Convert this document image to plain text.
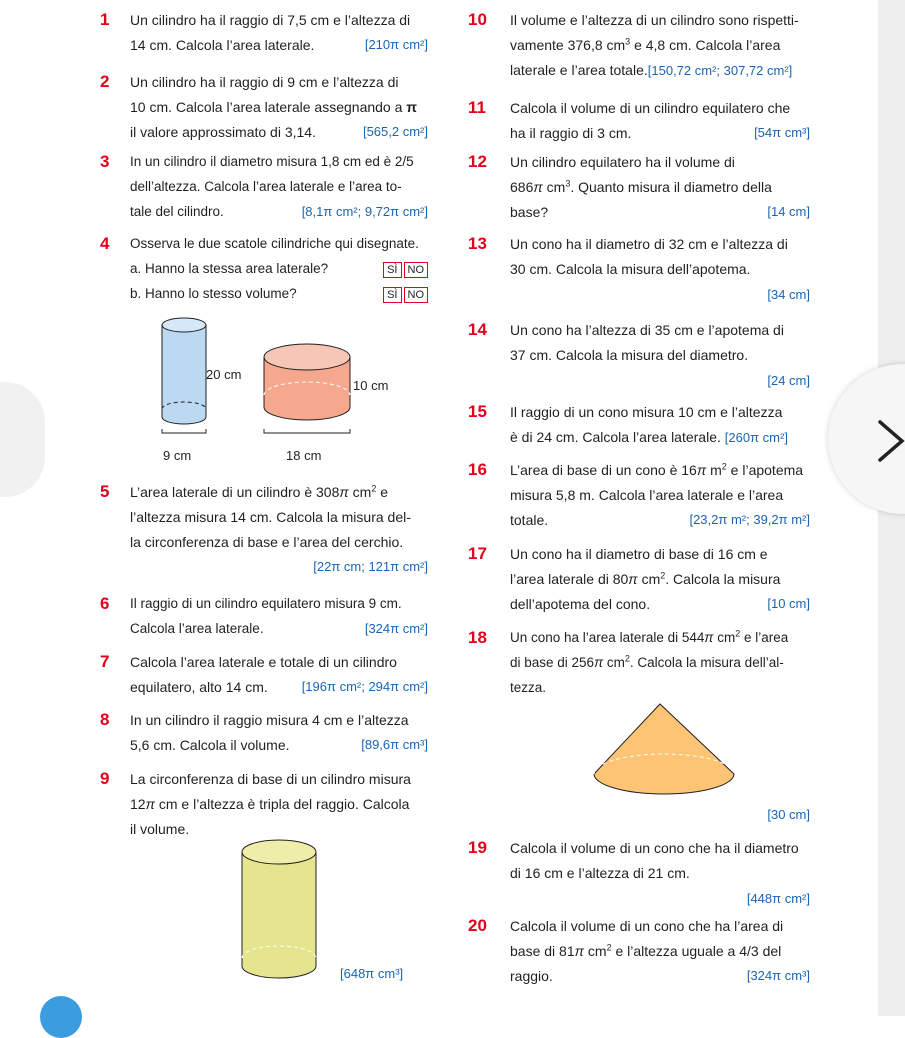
1 Un cilindro ha il raggio di 7,5 cm e l’altezza di
14 cm. Calcola l’area laterale.	[210π cm²]
2 Un cilindro ha il raggio di 9 cm e l’altezza di
10 cm. Calcola l’area laterale assegnando a π
il valore approssimato di 3,14.	[565,2 cm²]
3 In un cilindro il diametro misura 1,8 cm ed è 2/5
dell’altezza. Calcola l’area laterale e l’area to-
tale del cilindro.	[8,1π cm²; 9,72π cm²]
4 Osserva le due scatole cilindriche qui disegnate.
a. Hanno la stessa area laterale?	SÌ NO
b. Hanno lo stesso volume?	SÌ NO
20 cm
10 cm
9 cm	18 cm
5 L’area laterale di un cilindro è 308π $cm^2$ e
l’altezza misura 14 cm. Calcola la misura del-
la circonferenza di base e l’area del cerchio.
[22π cm; 121π cm²]
6 Il raggio di un cilindro equilatero misura 9 cm.
Calcola l’area laterale.	[324π cm²]
7 Calcola l’area laterale e totale di un cilindro
equilatero, alto 14 cm.	[196π cm²; 294π cm²]
8 In un cilindro il raggio misura 4 cm e l’altezza
5,6 cm. Calcola il volume.	[89,6π cm³]
9 La circonferenza di base di un cilindro misura
12π cm e l’altezza è tripla del raggio. Calcola
il volume.
[648π cm³]
10 Il volume e l’altezza di un cilindro sono rispetti-
vamente 376,8 $cm^3$ e 4,8 cm. Calcola l’area
laterale e l’area totale.[150,72 cm²; 307,72 cm²]
11 Calcola il volume di un cilindro equilatero che
ha il raggio di 3 cm.	[54π cm³]
12 Un cilindro equilatero ha il volume di
686π $cm^3$. Quanto misura il diametro della
base?	[14 cm]
13 Un cono ha il diametro di 32 cm e l’altezza di
30 cm. Calcola la misura dell’apotema.
[34 cm]
14 Un cono ha l’altezza di 35 cm e l’apotema di
37 cm. Calcola la misura del diametro.
[24 cm]
15 Il raggio di un cono misura 10 cm e l’altezza
è di 24 cm. Calcola l’area laterale. [260π cm²]
16 L’area di base di un cono è 16π $m^2$ e l’apotema
misura 5,8 m. Calcola l’area laterale e l’area
totale.	[23,2π m²; 39,2π m²]
17 Un cono ha il diametro di base di 16 cm e
l’area laterale di 80π $cm^2$. Calcola la misura
dell’apotema del cono.	[10 cm]
18 Un cono ha l’area laterale di 544π $cm^2$ e l’area
di base di 256π $cm^2$. Calcola la misura dell’al-
tezza.
[30 cm]
19 Calcola il volume di un cono che ha il diametro
di 16 cm e l’altezza di 21 cm.
[448π cm²]
20 Calcola il volume di un cono che ha l’area di
base di 81π $cm^2$ e l’altezza uguale a 4/3 del
raggio.	[324π cm³]
